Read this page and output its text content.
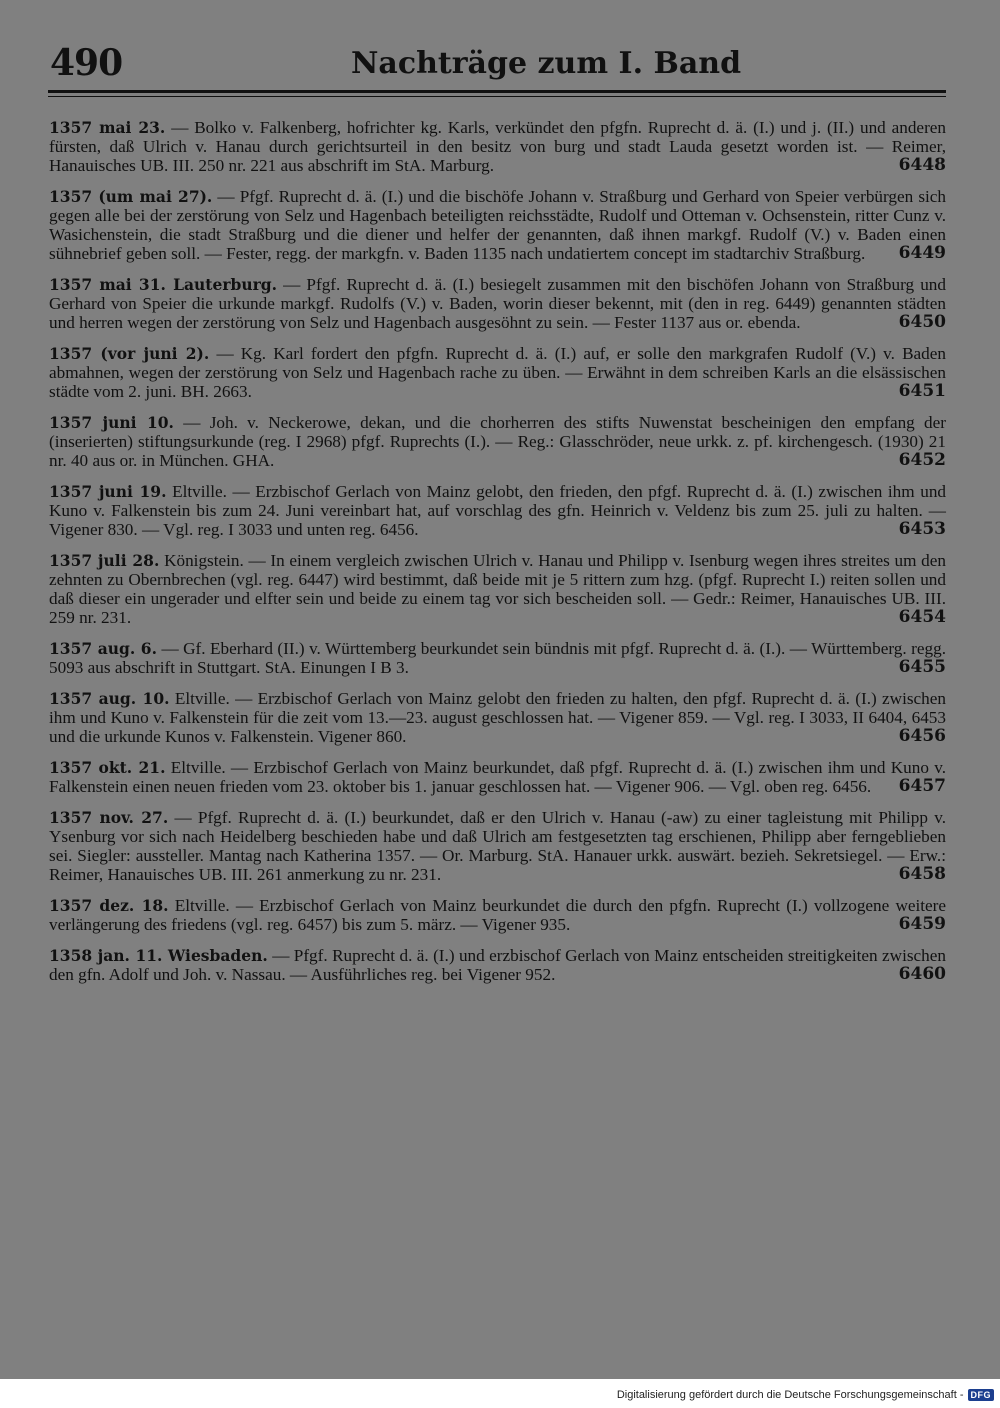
490	Nachträge zum I. Band
1357 mai 23. — Bolko v. Falkenberg, hofrichter kg. Karls, verkündet den pfgfn. Ruprecht d. ä. (I.) und j. (II.) und anderen fürsten, daß Ulrich v. Hanau durch gerichtsurteil in den besitz von burg und stadt Lauda gesetzt worden ist. — Reimer, Hanauisches UB. III. 250 nr. 221 aus abschrift im StA. Marburg.	6448
1357 (um mai 27). — Pfgf. Ruprecht d. ä. (I.) und die bischöfe Johann v. Straßburg und Gerhard von Speier verbürgen sich gegen alle bei der zerstörung von Selz und Hagenbach beteiligten reichsstädte, Rudolf und Otteman v. Ochsenstein, ritter Cunz v. Wasichenstein, die stadt Straßburg und die diener und helfer der genannten, daß ihnen markgf. Rudolf (V.) v. Baden einen sühnebrief geben soll. — Fester, regg. der markgfn. v. Baden 1135 nach undatiertem concept im stadtarchiv Straßburg. 6449
1357 mai 31. Lauterburg. — Pfgf. Ruprecht d. ä. (I.) besiegelt zusammen mit den bischöfen Johann von Straßburg und Gerhard von Speier die urkunde markgf. Rudolfs (V.) v. Baden, worin dieser bekennt, mit (den in reg. 6449) genannten städten und herren wegen der zerstörung von Selz und Hagenbach ausgesöhnt zu sein. — Fester 1137 aus or. ebenda.	6450
1357 (vor juni 2). — Kg. Karl fordert den pfgfn. Ruprecht d. ä. (I.) auf, er solle den markgrafen Rudolf (V.) v. Baden abmahnen, wegen der zerstörung von Selz und Hagenbach rache zu üben. — Erwähnt in dem schreiben Karls an die elsässischen städte vom 2. juni. BH. 2663.	6451
1357 juni 10. — Joh. v. Neckerowe, dekan, und die chorherren des stifts Nuwenstat bescheinigen den empfang der (inserierten) stiftungsurkunde (reg. I 2968) pfgf. Ruprechts (I.). — Reg.: Glasschröder, neue urkk. z. pf. kirchengesch. (1930) 21 nr. 40 aus or. in München. GHA.	6452
1357 juni 19. Eltville. — Erzbischof Gerlach von Mainz gelobt, den frieden, den pfgf. Ruprecht d. ä. (I.) zwischen ihm und Kuno v. Falkenstein bis zum 24. Juni vereinbart hat, auf vorschlag des gfn. Heinrich v. Veldenz bis zum 25. juli zu halten. — Vigener 830. — Vgl. reg. I 3033 und unten reg. 6456.	6453
1357 juli 28. Königstein. — In einem vergleich zwischen Ulrich v. Hanau und Philipp v. Isenburg wegen ihres streites um den zehnten zu Obernbrechen (vgl. reg. 6447) wird bestimmt, daß beide mit je 5 rittern zum hzg. (pfgf. Ruprecht I.) reiten sollen und daß dieser ein ungerader und elfter sein und beide zu einem tag vor sich bescheiden soll. — Gedr.: Reimer, Hanauisches UB. III. 259 nr. 231.	6454
1357 aug. 6. — Gf. Eberhard (II.) v. Württemberg beurkundet sein bündnis mit pfgf. Ruprecht d. ä. (I.). — Württemberg. regg. 5093 aus abschrift in Stuttgart. StA. Einungen I B 3.	6455
1357 aug. 10. Eltville. — Erzbischof Gerlach von Mainz gelobt den frieden zu halten, den pfgf. Ruprecht d. ä. (I.) zwischen ihm und Kuno v. Falkenstein für die zeit vom 13.—23. august geschlossen hat. — Vigener 859. — Vgl. reg. I 3033, II 6404, 6453 und die urkunde Kunos v. Falkenstein. Vigener 860.	6456
1357 okt. 21. Eltville. — Erzbischof Gerlach von Mainz beurkundet, daß pfgf. Ruprecht d. ä. (I.) zwischen ihm und Kuno v. Falkenstein einen neuen frieden vom 23. oktober bis 1. januar geschlossen hat. — Vigener 906. — Vgl. oben reg. 6456. 6457
1357 nov. 27. — Pfgf. Ruprecht d. ä. (I.) beurkundet, daß er den Ulrich v. Hanau (-aw) zu einer tagleistung mit Philipp v. Ysenburg vor sich nach Heidelberg beschieden habe und daß Ulrich am festgesetzten tag erschienen, Philipp aber ferngeblieben sei. Siegler: aussteller. Mantag nach Katherina 1357. — Or. Marburg. StA. Hanauer urkk. auswärt. bezieh. Sekretsiegel. — Erw.: Reimer, Hanauisches UB. III. 261 anmerkung zu nr. 231.	6458
1357 dez. 18. Eltville. — Erzbischof Gerlach von Mainz beurkundet die durch den pfgfn. Ruprecht (I.) vollzogene weitere verlängerung des friedens (vgl. reg. 6457) bis zum 5. märz. — Vigener 935.	6459
1358 jan. 11. Wiesbaden. — Pfgf. Ruprecht d. ä. (I.) und erzbischof Gerlach von Mainz entscheiden streitigkeiten zwischen den gfn. Adolf und Joh. v. Nassau. — Ausführliches reg. bei Vigener 952.	6460
Digitalisierung gefördert durch die Deutsche Forschungsgemeinschaft - DFG
